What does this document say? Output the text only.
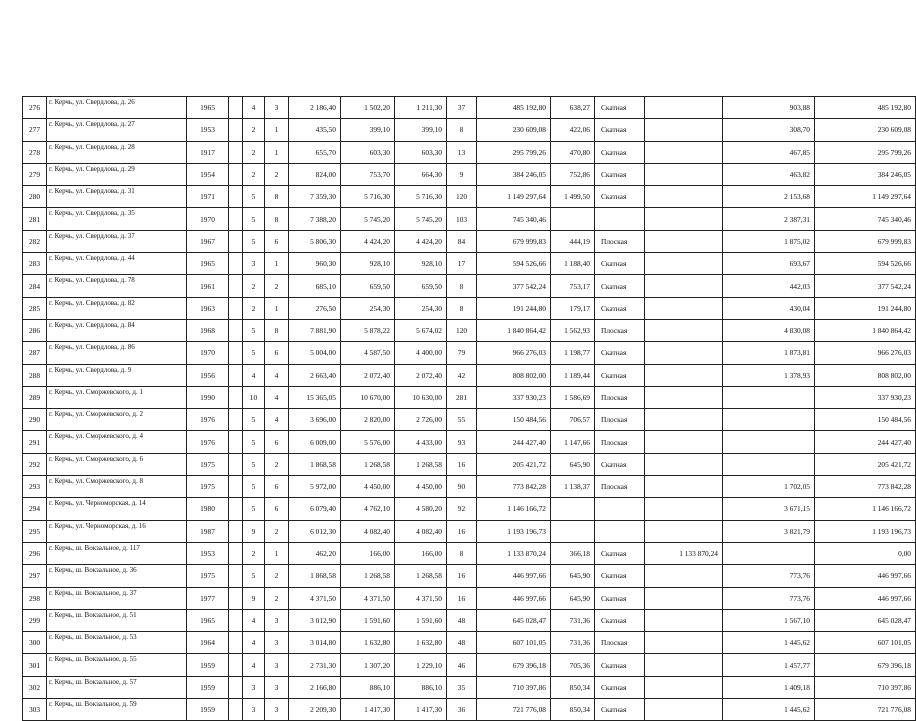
276	г. Керчь, ул. Свердлова, д. 26	1965		4	3	2 186,40	1 502,20	1 211,30	37	485 192,80	638,27	Скатная		903,88	485 192,80
277	г. Керчь, ул. Свердлова, д. 27	1953		2	1	435,50	399,10	399,10	8	230 609,08	422,06	Скатная		308,70	230 609,08
278	г. Керчь, ул. Свердлова, д. 28	1917		2	1	655,70	603,30	603,30	13	295 799,26	470,80	Скатная		467,85	295 799,26
279	г. Керчь, ул. Свердлова, д. 29	1954		2	2	824,00	753,70	664,30	9	384 246,05	752,86	Скатная		463,82	384 246,05
280	г. Керчь, ул. Свердлова, д. 31	1971		5	8	7 359,30	5 716,30	5 716,30	120	1 149 297,64	1 499,50	Скатная		2 153,68	1 149 297,64
281	г. Керчь, ул. Свердлова, д. 35	1970		5	8	7 388,20	5 745,20	5 745,20	103	745 340,46				2 387,31	745 340,46
282	г. Керчь, ул. Свердлова, д. 37	1967		5	6	5 806,30	4 424,20	4 424,20	84	679 999,83	444,19	Плоская		1 875,02	679 999,83
283	г. Керчь, ул. Свердлова, д. 44	1965		3	1	960,30	928,10	928,10	17	594 526,66	1 188,40	Скатная		693,67	594 526,66
284	г. Керчь, ул. Свердлова, д. 78	1961		2	2	685,10	659,50	659,50	8	377 542,24	753,17	Скатная		442,03	377 542,24
285	г. Керчь, ул. Свердлова, д. 82	1963		2	1	276,50	254,30	254,30	8	191 244,80	179,17	Скатная		430,04	191 244,80
286	г. Керчь, ул. Свердлова, д. 84	1968		5	8	7 881,90	5 878,22	5 674,02	120	1 840 864,42	1 562,93	Плоская		4 830,08	1 840 864,42
287	г. Керчь, ул. Свердлова, д. 86	1970		5	6	5 004,00	4 587,50	4 400,00	79	966 276,03	1 198,77	Скатная		1 873,81	966 276,03
288	г. Керчь, ул. Свердлова, д. 9	1956		4	4	2 663,40	2 072,40	2 072,40	42	808 802,00	1 189,44	Скатная		1 378,93	808 802,00
289	г. Керчь, ул. Сморжевского, д. 1	1990		10	4	15 365,05	10 670,00	10 630,00	281	337 930,23	1 586,69	Плоская			337 930,23
290	г. Керчь, ул. Сморжевского, д. 2	1976		5	4	3 696,00	2 820,00	2 726,00	55	150 484,56	706,57	Плоская			150 484,56
291	г. Керчь, ул. Сморжевского, д. 4	1976		5	6	6 009,00	5 576,00	4 433,00	93	244 427,40	1 147,66	Плоская			244 427,40
292	г. Керчь, ул. Сморжевского, д. 6	1975		5	2	1 868,58	1 268,58	1 268,58	16	205 421,72	645,90	Скатная			205 421,72
293	г. Керчь, ул. Сморжевского, д. 8	1975		5	6	5 972,00	4 450,00	4 450,00	90	773 842,28	1 138,37	Плоская		1 702,05	773 842,28
294	г. Керчь, ул. Черноморская, д. 14	1980		5	6	6 079,40	4 762,10	4 580,20	92	1 146 166,72				3 671,15	1 146 166,72
295	г. Керчь, ул. Черноморская, д. 16	1987		9	2	6 012,30	4 082,40	4 082,40	16	1 193 196,73				3 821,79	1 193 196,73
296	г. Керчь, ш. Вокзальное, д. 117	1953		2	1	462,20	166,00	166,00	8	1 133 870,24	366,18	Скатная	1 133 870,24		0,00
297	г. Керчь, ш. Вокзальное, д. 36	1975		5	2	1 868,58	1 268,58	1 268,58	16	446 997,66	645,90	Скатная		773,76	446 997,66
298	г. Керчь, ш. Вокзальное, д. 37	1977		9	2	4 371,50	4 371,50	4 371,50	16	446 997,66	645,90	Скатная		773,76	446 997,66
299	г. Керчь, ш. Вокзальное, д. 51	1965		4	3	3 012,90	1 591,60	1 591,60	48	645 028,47	731,36	Скатная		1 567,10	645 028,47
300	г. Керчь, ш. Вокзальное, д. 53	1964		4	3	3 014,80	1 632,80	1 632,80	48	607 101,05	731,36	Плоская		1 445,62	607 101,05
301	г. Керчь, ш. Вокзальное, д. 55	1959		4	3	2 731,30	1 307,20	1 229,10	46	679 396,18	705,36	Скатная		1 457,77	679 396,18
302	г. Керчь, ш. Вокзальное, д. 57	1959		3	3	2 166,80	886,10	886,10	35	710 397,86	850,34	Скатная		1 409,18	710 397,86
303	г. Керчь, ш. Вокзальное, д. 59	1959		3	3	2 209,30	1 417,30	1 417,30	36	721 776,08	850,34	Скатная		1 445,62	721 776,08
